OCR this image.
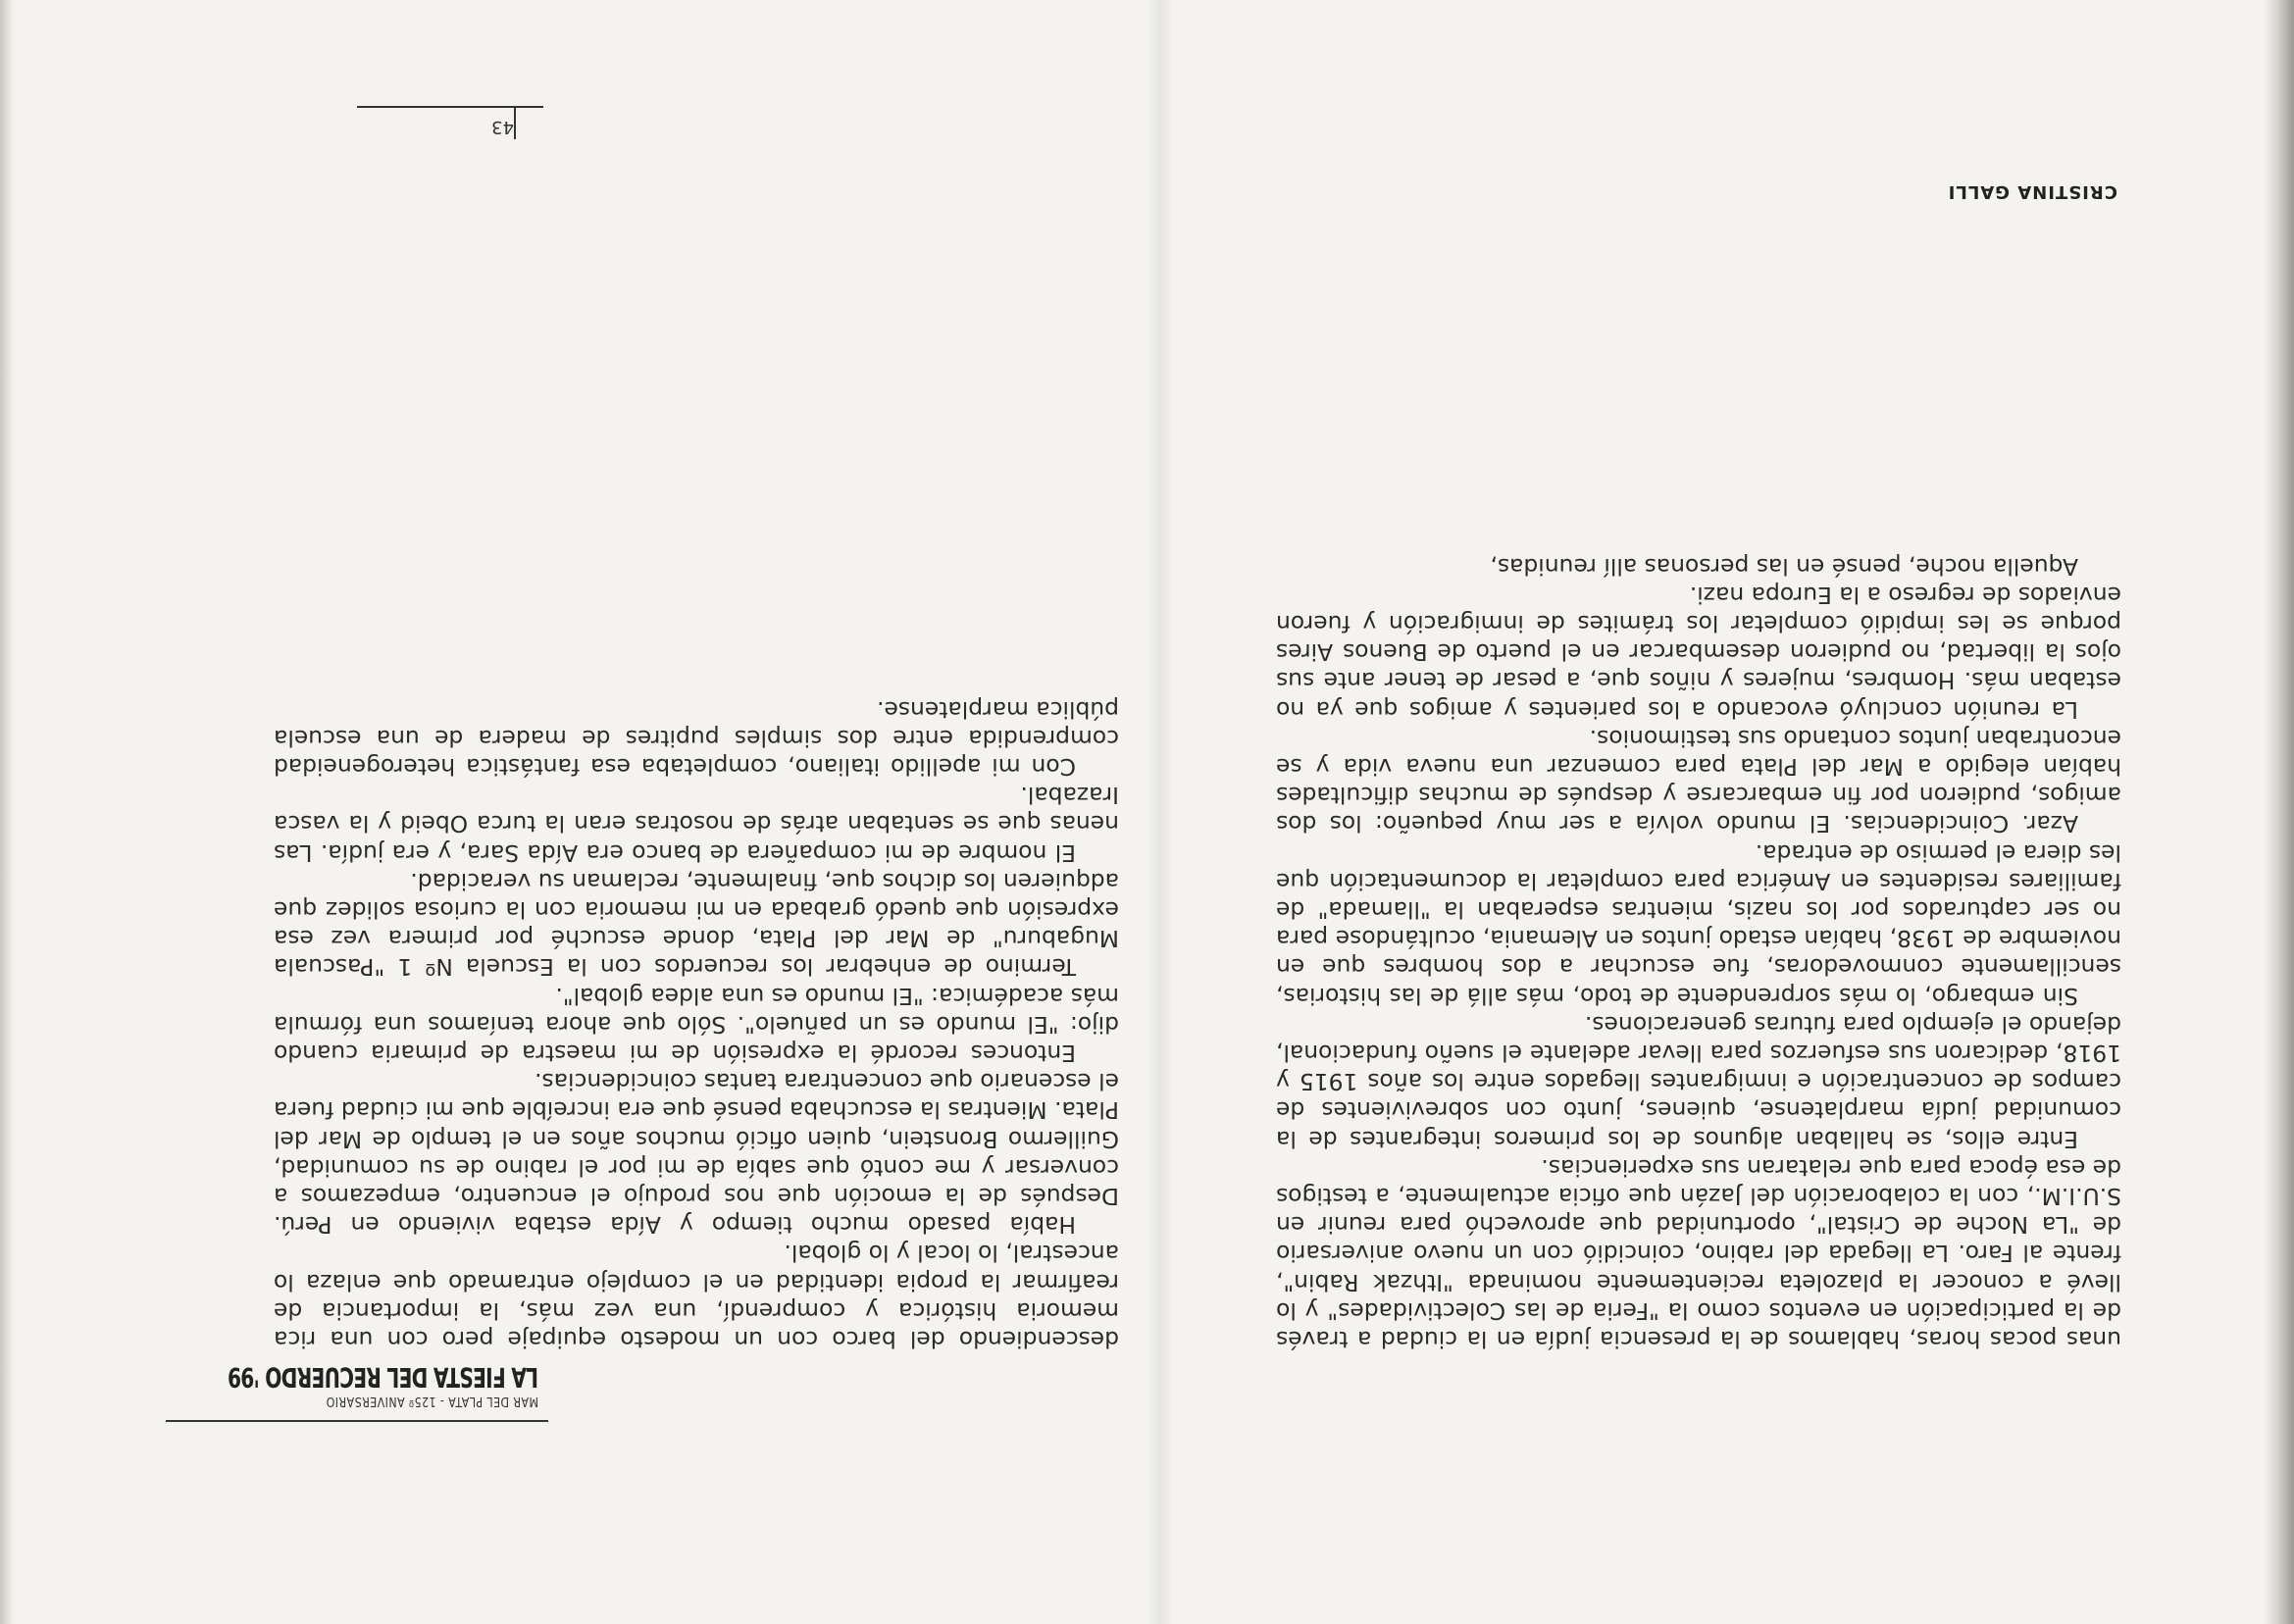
unas pocas horas, hablamos de la presencia judía en la ciudad a través de la participación en eventos como la "Feria de las Colectividades" y lo llevé a conocer la plazoleta recientemente nominada "Ithzak Rabin", frente al Faro. La llegada del rabino, coincidió con un nuevo aniversario de "La Noche de Cristal", oportunidad que aprovechó para reunir en S.U.I.M., con la colaboración del Jazán que oficia actualmente, a testigos de esa época para que relataran sus experiencias.

Entre ellos, se hallaban algunos de los primeros integrantes de la comunidad judía marplatense, quienes, junto con sobrevivientes de campos de concentración e inmigrantes llegados entre los años 1915 y 1918, dedicaron sus esfuerzos para llevar adelante el sueño fundacional, dejando el ejemplo para futuras generaciones.

Sin embargo, lo más sorprendente de todo, más allá de las historias, sencillamente conmovedoras, fue escuchar a dos hombres que en noviembre de 1938, habían estado juntos en Alemania, ocultándose para no ser capturados por los nazis, mientras esperaban la "llamada" de familiares residentes en América para completar la documentación que les diera el permiso de entrada.

Azar. Coincidencias. El mundo volvía a ser muy pequeño: los dos amigos, pudieron por fin embarcarse y después de muchas dificultades habían elegido a Mar del Plata para comenzar una nueva vida y se encontraban juntos contando sus testimonios.

La reunión concluyó evocando a los parientes y amigos que ya no estaban más. Hombres, mujeres y niños que, a pesar de tener ante sus ojos la libertad, no pudieron desembarcar en el puerto de Buenos Aires porque se les impidió completar los trámites de inmigración y fueron enviados de regreso a la Europa nazi.

Aquella noche, pensé en las personas allí reunidas,

descendiendo del barco con un modesto equipaje pero con una rica memoria histórica y comprendí, una vez más, la importancia de reafirmar la propia identidad en el complejo entramado que enlaza lo ancestral, lo local y lo global.

Había pasado mucho tiempo y Aída estaba viviendo en Perú. Después de la emoción que nos produjo el encuentro, empezamos a conversar y me contó que sabía de mi por el rabino de su comunidad, Guillermo Bronstein, quien ofició muchos años en el templo de Mar del Plata. Mientras la escuchaba pensé que era increíble que mi ciudad fuera el escenario que concentrara tantas coincidencias.

Entonces recordé la expresión de mi maestra de primaria cuando dijo: "El mundo es un pañuelo". Sólo que ahora teníamos una fórmula más académica: "El mundo es una aldea global".

Termino de enhebrar los recuerdos con la Escuela Nº 1 "Pascuala Mugaburu" de Mar del Plata, donde escuché por primera vez esa expresión que quedó grabada en mi memoria con la curiosa solidez que adquieren los dichos que, finalmente, reclaman su veracidad.

El nombre de mi compañera de banco era Aída Sara, y era judía. Las nenas que se sentaban atrás de nosotras eran la turca Obeid y la vasca Irazabal.

Con mi apellido italiano, completaba esa fantástica heterogeneidad comprendida entre dos simples pupitres de madera de una escuela pública marplatense.

MAR DEL PLATA - 125º ANIVERSARIO
LA FIESTA DEL RECUERDO '99
CRISTINA GALLI
43
